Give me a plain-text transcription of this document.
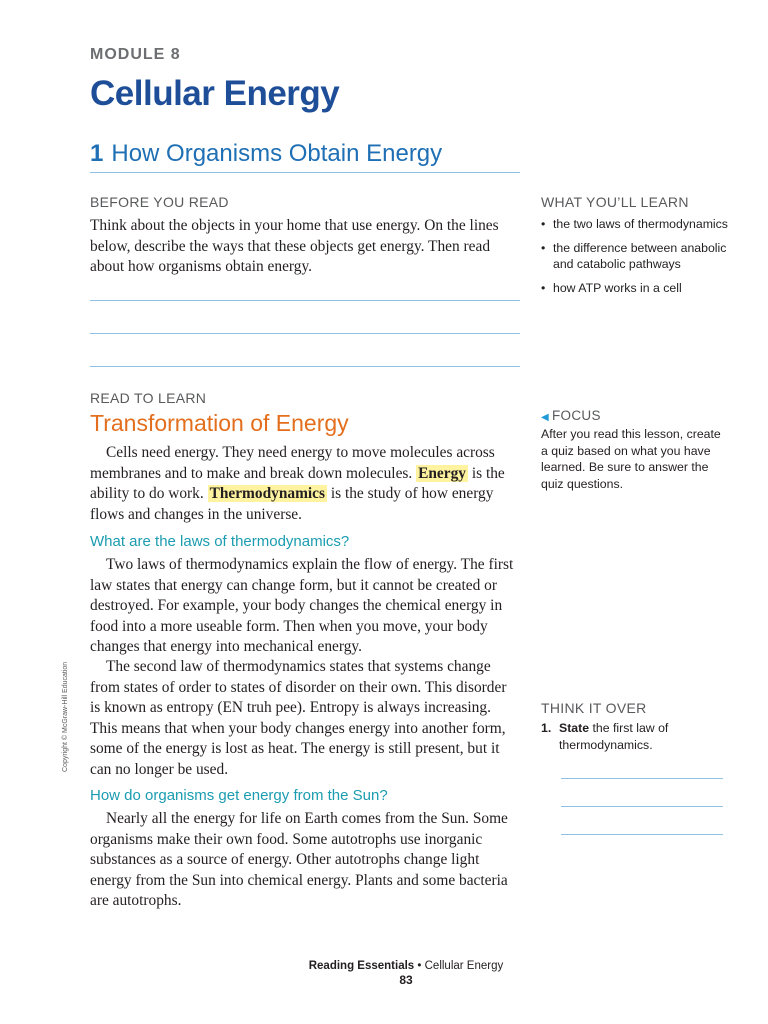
MODULE 8
Cellular Energy
1 How Organisms Obtain Energy
BEFORE YOU READ
Think about the objects in your home that use energy. On the lines below, describe the ways that these objects get energy. Then read about how organisms obtain energy.
WHAT YOU’LL LEARN
• the two laws of thermodynamics
• the difference between anabolic and catabolic pathways
• how ATP works in a cell
READ TO LEARN
Transformation of Energy

Cells need energy. They need energy to move molecules across membranes and to make and break down molecules. Energy is the ability to do work. Thermodynamics is the study of how energy flows and changes in the universe.

What are the laws of thermodynamics?

Two laws of thermodynamics explain the flow of energy. The first law states that energy can change form, but it cannot be created or destroyed. For example, your body changes the chemical energy in food into a more useable form. Then when you move, your body changes that energy into mechanical energy.

The second law of thermodynamics states that systems change from states of order to states of disorder on their own. This disorder is known as entropy (EN truh pee). Entropy is always increasing. This means that when your body changes energy into another form, some of the energy is lost as heat. The energy is still present, but it can no longer be used.

How do organisms get energy from the Sun?

Nearly all the energy for life on Earth comes from the Sun. Some organisms make their own food. Some autotrophs use inorganic substances as a source of energy. Other autotrophs change light energy from the Sun into chemical energy. Plants and some bacteria are autotrophs.

◀ FOCUS
After you read this lesson, create a quiz based on what you have learned. Be sure to answer the quiz questions.
THINK IT OVER
1. State the first law of
thermodynamics.
Copyright © McGraw-Hill Education
Reading Essentials • Cellular Energy
83
